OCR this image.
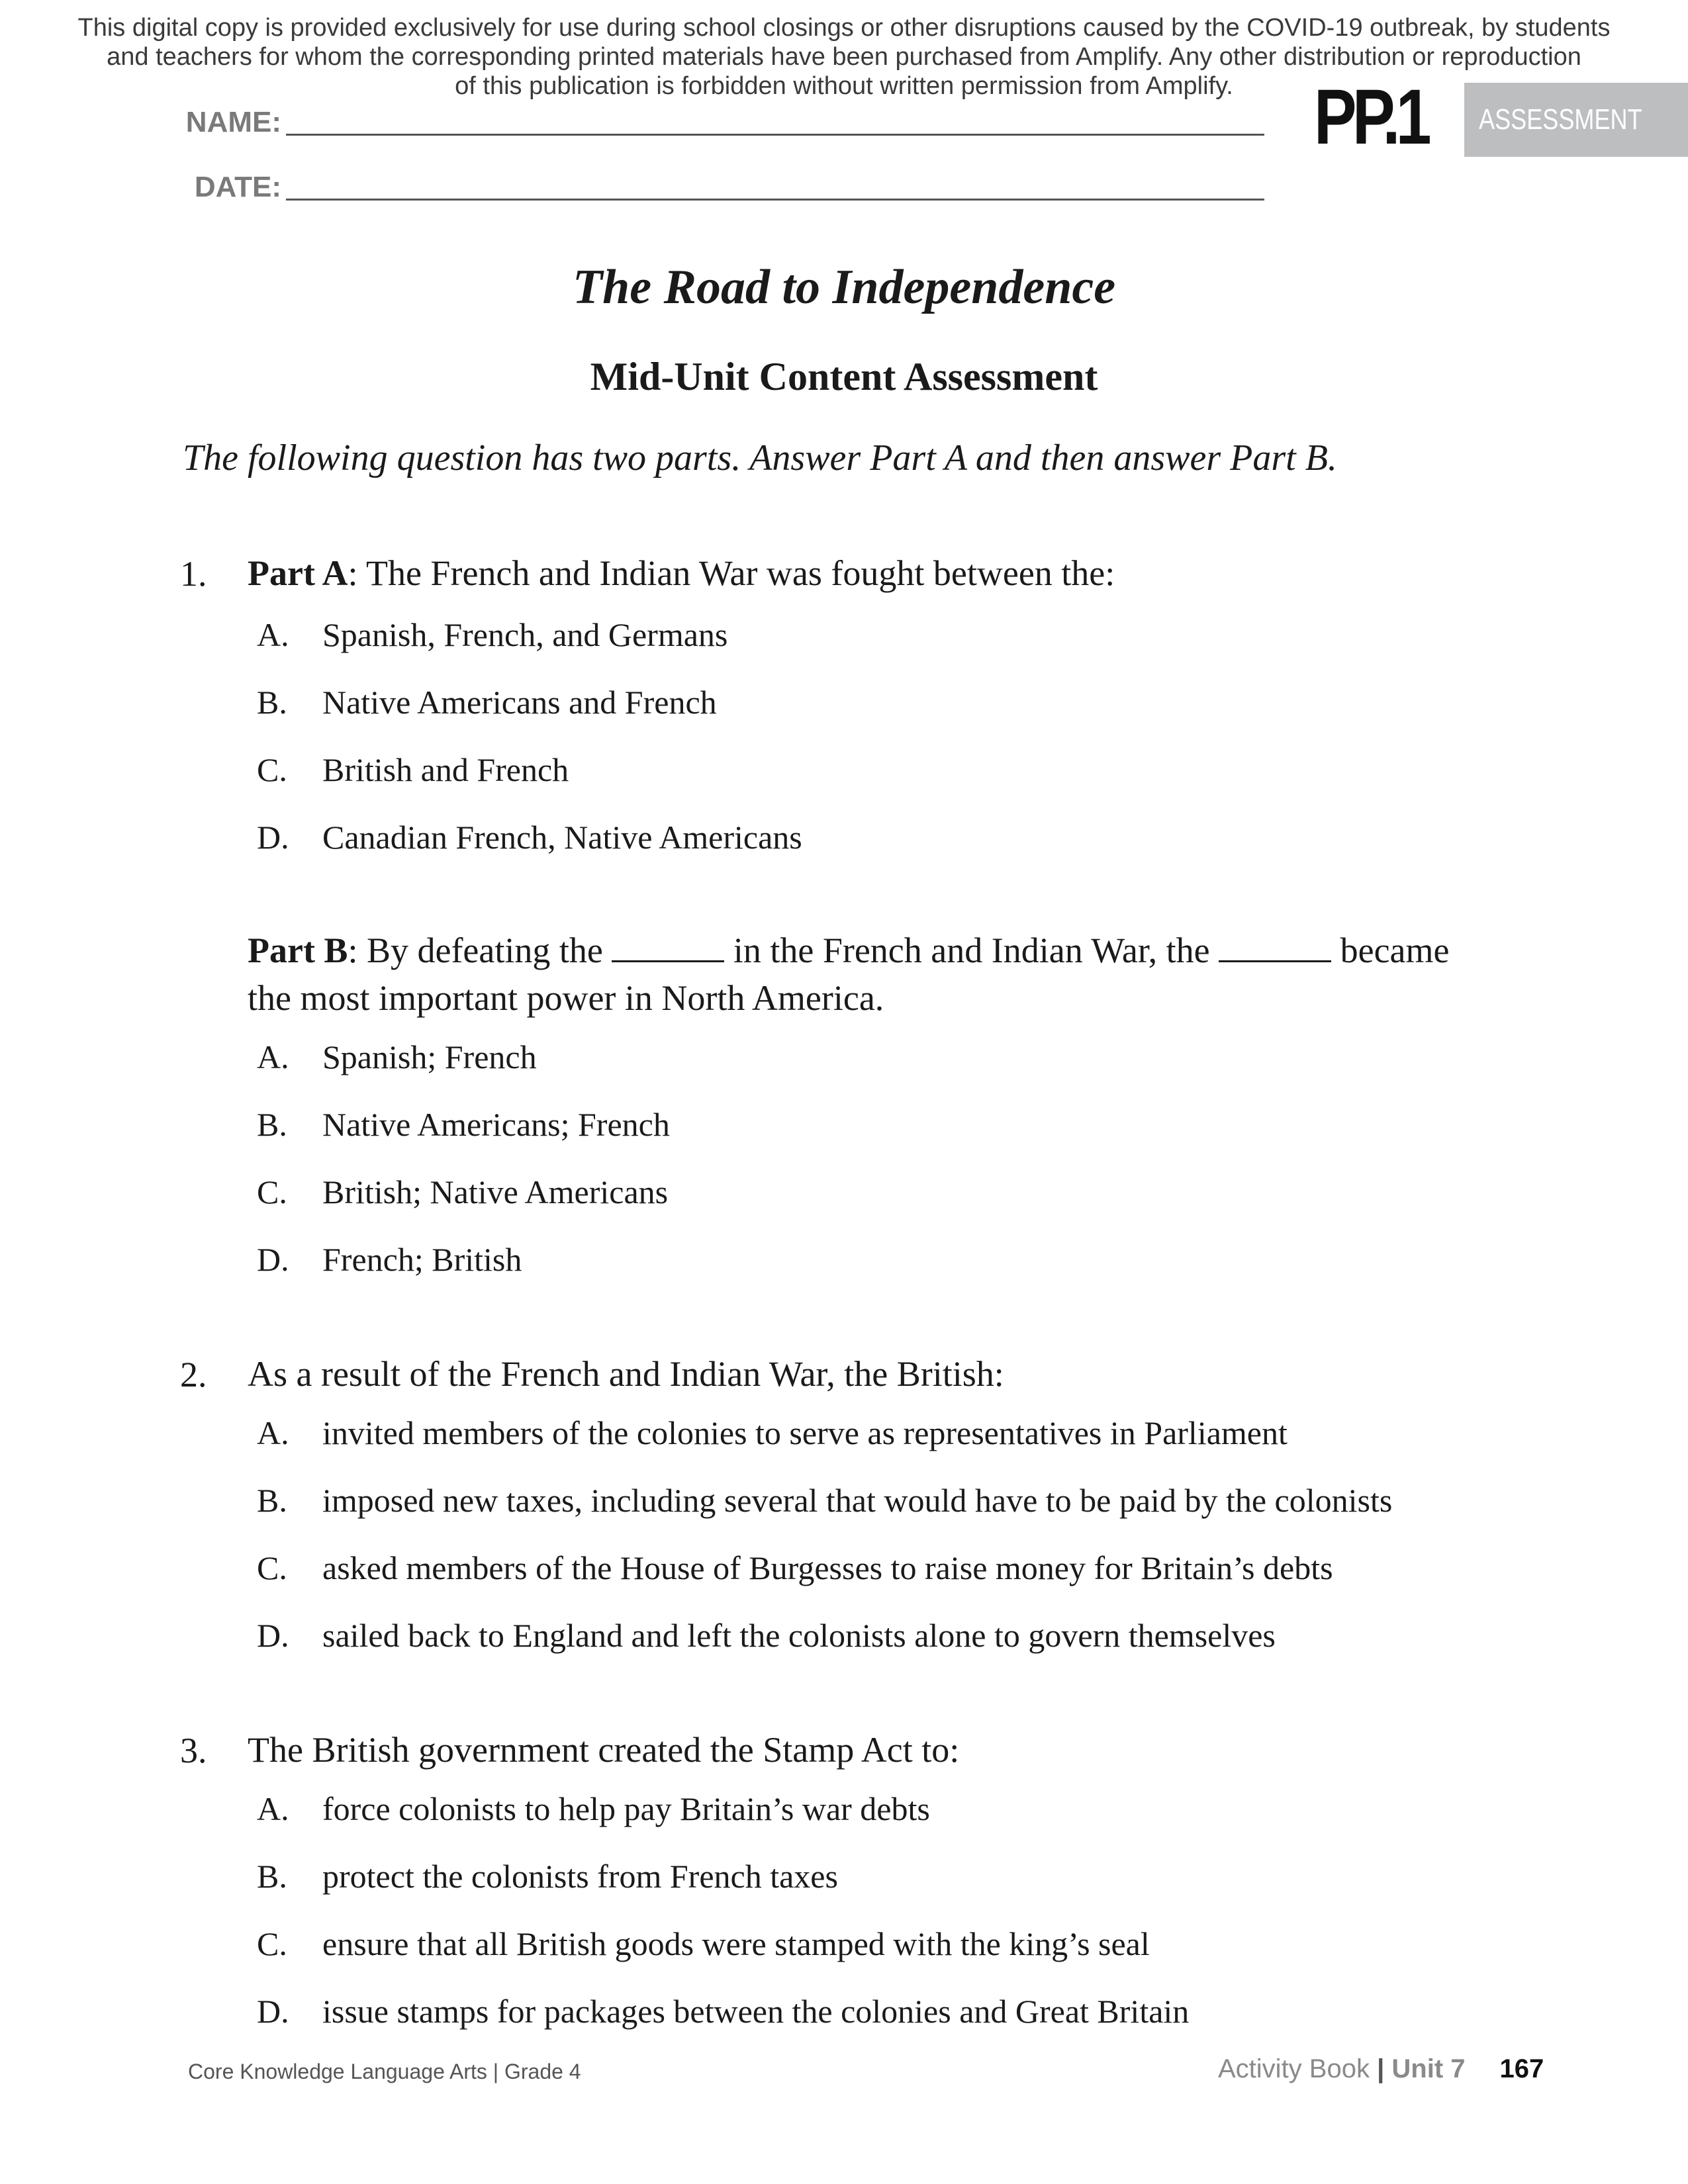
This digital copy is provided exclusively for use during school closings or other disruptions caused by the COVID-19 outbreak, by students
and teachers for whom the corresponding printed materials have been purchased from Amplify. Any other distribution or reproduction
of this publication is forbidden without written permission from Amplify.
NAME:
DATE:
PP.1	ASSESSMENT
The Road to Independence
Mid-Unit Content Assessment
The following question has two parts. Answer Part A and then answer Part B.
1. Part A: The French and Indian War was fought between the:
A. Spanish, French, and Germans
B. Native Americans and French
C. British and French
D. Canadian French, Native Americans
Part B: By defeating the	in the French and Indian War, the	became
the most important power in North America.
A. Spanish; French
B. Native Americans; French
C. British; Native Americans
D. French; British
2. As a result of the French and Indian War, the British:
A. invited members of the colonies to serve as representatives in Parliament
B. imposed new taxes, including several that would have to be paid by the colonists
C. asked members of the House of Burgesses to raise money for Britain’s debts
D. sailed back to England and left the colonists alone to govern themselves
3. The British government created the Stamp Act to:
A. force colonists to help pay Britain’s war debts
B. protect the colonists from French taxes
C. ensure that all British goods were stamped with the king’s seal
D. issue stamps for packages between the colonies and Great Britain
Core Knowledge Language Arts | Grade 4	Activity Book | Unit 7 167
